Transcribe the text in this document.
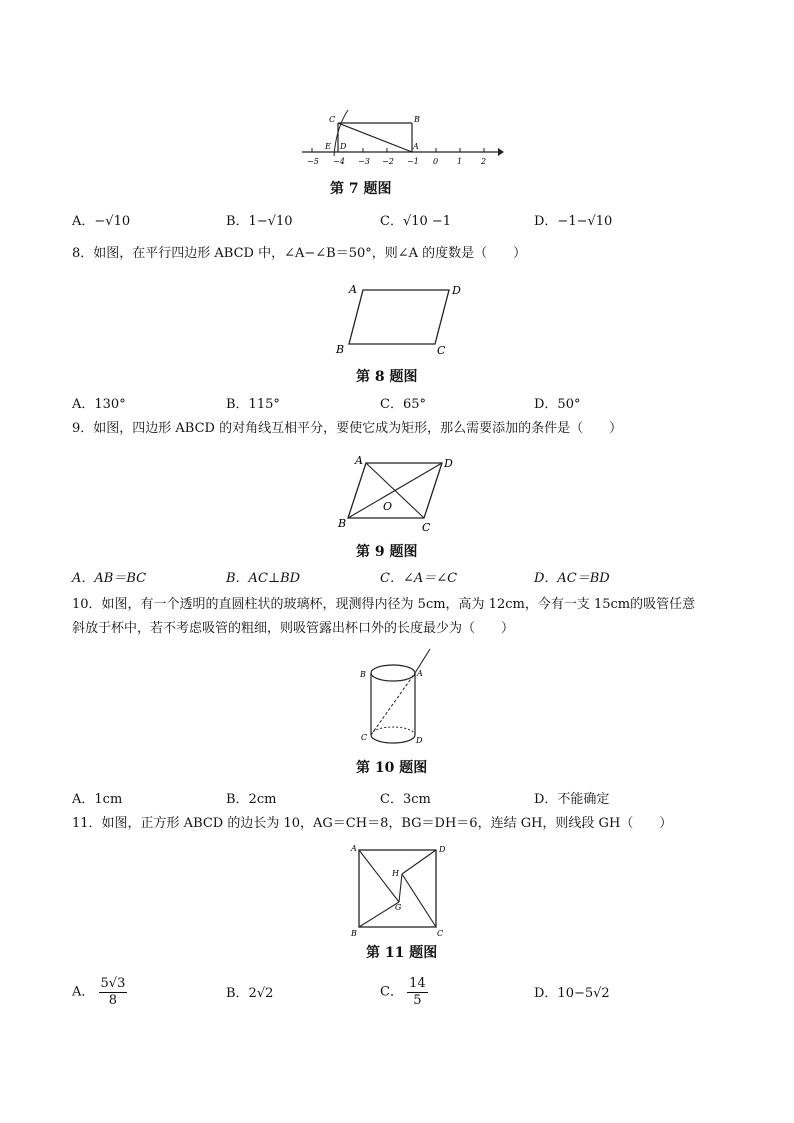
−5 −4 −3 −2 −1 0 1 2
C	B
E D	A
第 7 题图
A．−√10	B．1−√10	C．√10 −1	D．−1−√10
8．如图，在平行四边形 ABCD 中，∠A−∠B＝50°，则∠A 的度数是（　　）
A	D
B	C
第 8 题图
A．130°	B．115°	C．65°	D．50°
9．如图，四边形 ABCD 的对角线互相平分，要使它成为矩形，那么需要添加的条件是（　　）
A	D
B	C
O
第 9 题图
A．AB＝BC	B．AC⊥BD	C．∠A＝∠C	D．AC＝BD
10．如图，有一个透明的直圆柱状的玻璃杯，现测得内径为 5cm，高为 12cm，今有一支 15cm的吸管任意
斜放于杯中，若不考虑吸管的粗细，则吸管露出杯口外的长度最少为（　　）
B	A
C	D
第 10 题图
A．1cm	B．2cm	C．3cm	D．不能确定
11．如图，正方形 ABCD 的边长为 10，AG＝CH＝8，BG＝DH＝6，连结 GH，则线段 GH（　　）
A	D
H
G
B	C
第 11 题图
A． $\frac{5√3}{8}$	B．2√2	C． $\frac{14}{5}$	D．10−5√2
